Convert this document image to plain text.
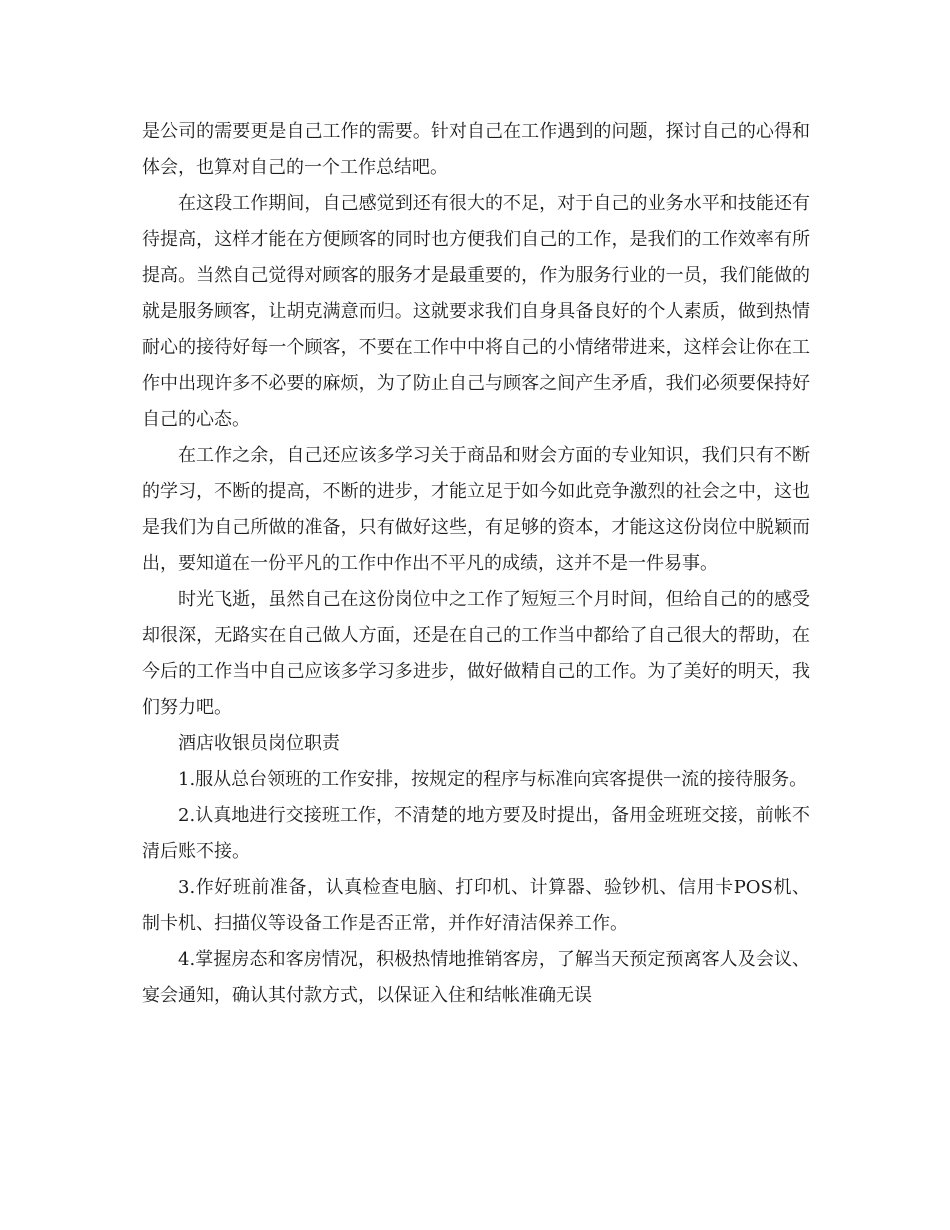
是公司的需要更是自己工作的需要。针对自己在工作遇到的问题，探讨自己的心得和体会，也算对自己的一个工作总结吧。

在这段工作期间，自己感觉到还有很大的不足，对于自己的业务水平和技能还有待提高，这样才能在方便顾客的同时也方便我们自己的工作，是我们的工作效率有所提高。当然自己觉得对顾客的服务才是最重要的，作为服务行业的一员，我们能做的就是服务顾客，让胡克满意而归。这就要求我们自身具备良好的个人素质，做到热情耐心的接待好每一个顾客，不要在工作中中将自己的小情绪带进来，这样会让你在工作中出现许多不必要的麻烦，为了防止自己与顾客之间产生矛盾，我们必须要保持好自己的心态。

在工作之余，自己还应该多学习关于商品和财会方面的专业知识，我们只有不断的学习，不断的提高，不断的进步，才能立足于如今如此竞争激烈的社会之中，这也是我们为自己所做的准备，只有做好这些，有足够的资本，才能这这份岗位中脱颖而出，要知道在一份平凡的工作中作出不平凡的成绩，这并不是一件易事。

时光飞逝，虽然自己在这份岗位中之工作了短短三个月时间，但给自己的的感受却很深，无路实在自己做人方面，还是在自己的工作当中都给了自己很大的帮助，在今后的工作当中自己应该多学习多进步，做好做精自己的工作。为了美好的明天，我们努力吧。

酒店收银员岗位职责

1.服从总台领班的工作安排，按规定的程序与标准向宾客提供一流的接待服务。

2.认真地进行交接班工作，不清楚的地方要及时提出，备用金班班交接，前帐不清后账不接。

3.作好班前准备，认真检查电脑、打印机、计算器、验钞机、信用卡POS机、制卡机、扫描仪等设备工作是否正常，并作好清洁保养工作。

4.掌握房态和客房情况，积极热情地推销客房，了解当天预定预离客人及会议、宴会通知，确认其付款方式，以保证入住和结帐准确无误
